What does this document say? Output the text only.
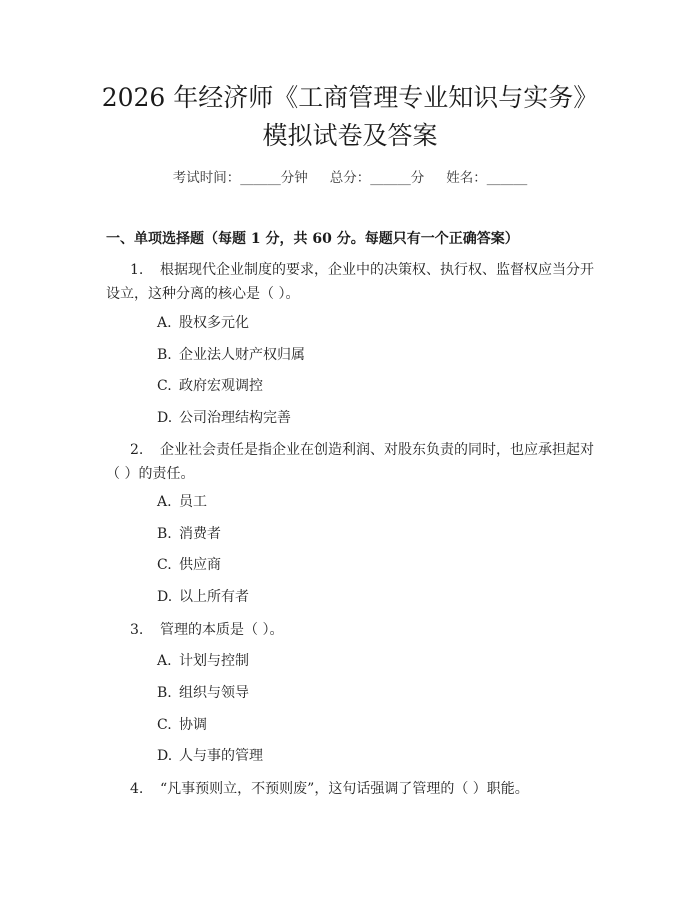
2026 年经济师《工商管理专业知识与实务》
模拟试卷及答案
考试时间：______分钟 总分：______分 姓名：______
一、单项选择题（每题 1 分，共 60 分。每题只有一个正确答案）
1. 根据现代企业制度的要求，企业中的决策权、执行权、监督权应当分开设立，这种分离的核心是（ ）。
A. 股权多元化
B. 企业法人财产权归属
C. 政府宏观调控
D. 公司治理结构完善
2. 企业社会责任是指企业在创造利润、对股东负责的同时，也应承担起对（ ）的责任。
A. 员工
B. 消费者
C. 供应商
D. 以上所有者
3. 管理的本质是（ ）。
A. 计划与控制
B. 组织与领导
C. 协调
D. 人与事的管理
4. “凡事预则立，不预则废”，这句话强调了管理的（ ）职能。
